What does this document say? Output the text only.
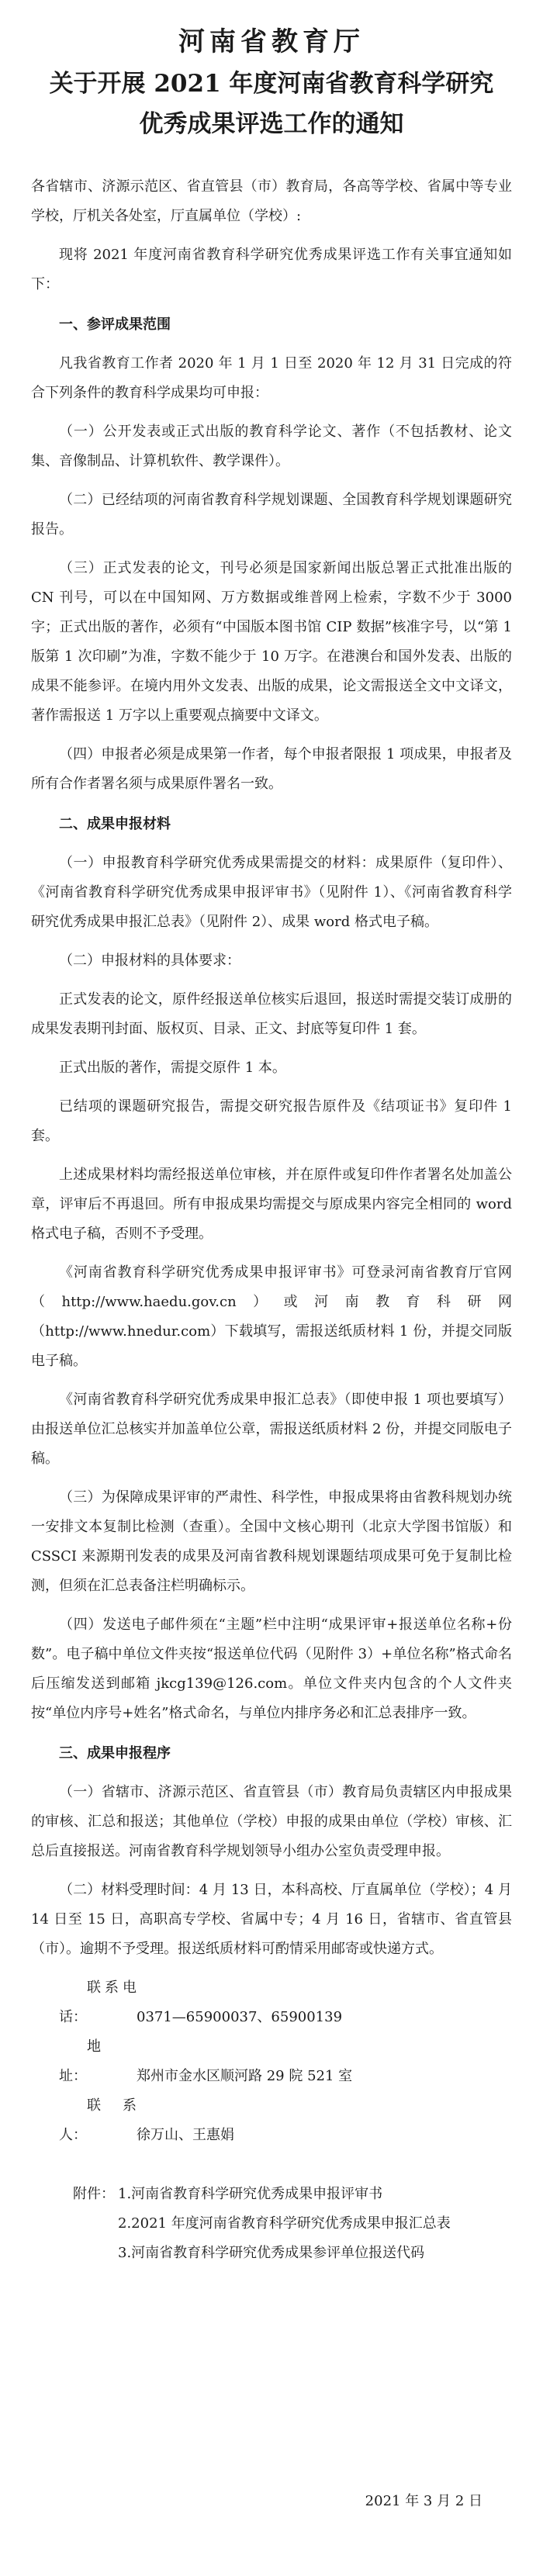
河南省教育厅
关于开展 2021 年度河南省教育科学研究
优秀成果评选工作的通知

各省辖市、济源示范区、省直管县（市）教育局，各高等学校、省属中等专业学校，厅机关各处室，厅直属单位（学校）:

现将 2021 年度河南省教育科学研究优秀成果评选工作有关事宜通知如下：

一、参评成果范围

凡我省教育工作者 2020 年 1 月 1 日至 2020 年 12 月 31 日完成的符合下列条件的教育科学成果均可申报：

（一）公开发表或正式出版的教育科学论文、著作（不包括教材、论文集、音像制品、计算机软件、教学课件）。

（二）已经结项的河南省教育科学规划课题、全国教育科学规划课题研究报告。

（三）正式发表的论文，刊号必须是国家新闻出版总署正式批准出版的 CN 刊号，可以在中国知网、万方数据或维普网上检索，字数不少于 3000 字；正式出版的著作，必须有“中国版本图书馆 CIP 数据”核准字号，以“第 1 版第 1 次印刷”为准，字数不能少于 10 万字。在港澳台和国外发表、出版的成果不能参评。在境内用外文发表、出版的成果，论文需报送全文中文译文，著作需报送 1 万字以上重要观点摘要中文译文。

（四）申报者必须是成果第一作者，每个申报者限报 1 项成果，申报者及所有合作者署名须与成果原件署名一致。

二、成果申报材料

（一）申报教育科学研究优秀成果需提交的材料：成果原件（复印件）、《河南省教育科学研究优秀成果申报评审书》（见附件 1）、《河南省教育科学研究优秀成果申报汇总表》（见附件 2）、成果 word 格式电子稿。

（二）申报材料的具体要求：

正式发表的论文，原件经报送单位核实后退回，报送时需提交装订成册的成果发表期刊封面、版权页、目录、正文、封底等复印件 1 套。

正式出版的著作，需提交原件 1 本。

已结项的课题研究报告，需提交研究报告原件及《结项证书》复印件 1 套。

上述成果材料均需经报送单位审核，并在原件或复印件作者署名处加盖公章，评审后不再退回。所有申报成果均需提交与原成果内容完全相同的 word 格式电子稿，否则不予受理。

《河南省教育科学研究优秀成果申报评审书》可登录河南省教育厅官网（http://www.haedu.gov.cn）或河南教育科研网（http://www.hnedur.com）下载填写，需报送纸质材料 1 份，并提交同版电子稿。

《河南省教育科学研究优秀成果申报汇总表》（即使申报 1 项也要填写）由报送单位汇总核实并加盖单位公章，需报送纸质材料 2 份，并提交同版电子稿。

（三）为保障成果评审的严肃性、科学性，申报成果将由省教科规划办统一安排文本复制比检测（查重）。全国中文核心期刊（北京大学图书馆版）和 CSSCI 来源期刊发表的成果及河南省教科规划课题结项成果可免于复制比检测，但须在汇总表备注栏明确标示。

（四）发送电子邮件须在“主题”栏中注明“成果评审+报送单位名称+份数”。电子稿中单位文件夹按“报送单位代码（见附件 3）+单位名称”格式命名后压缩发送到邮箱 jkcg139@126.com。单位文件夹内包含的个人文件夹按“单位内序号+姓名”格式命名，与单位内排序务必和汇总表排序一致。

三、成果申报程序

（一）省辖市、济源示范区、省直管县（市）教育局负责辖区内申报成果的审核、汇总和报送；其他单位（学校）申报的成果由单位（学校）审核、汇总后直接报送。河南省教育科学规划领导小组办公室负责受理申报。

（二）材料受理时间：4 月 13 日，本科高校、厅直属单位（学校）；4 月 14 日至 15 日，高职高专学校、省属中专；4 月 16 日，省辖市、省直管县（市）。逾期不予受理。报送纸质材料可酌情采用邮寄或快递方式。

联系电话：	0371—65900037、65900139
地　　址：	郑州市金水区顺河路 29 院 521 室
联 系 人：	徐万山、王惠娟
附件： 1.河南省教育科学研究优秀成果申报评审书
2.2021 年度河南省教育科学研究优秀成果申报汇总表
3.河南省教育科学研究优秀成果参评单位报送代码
2021 年 3 月 2 日
